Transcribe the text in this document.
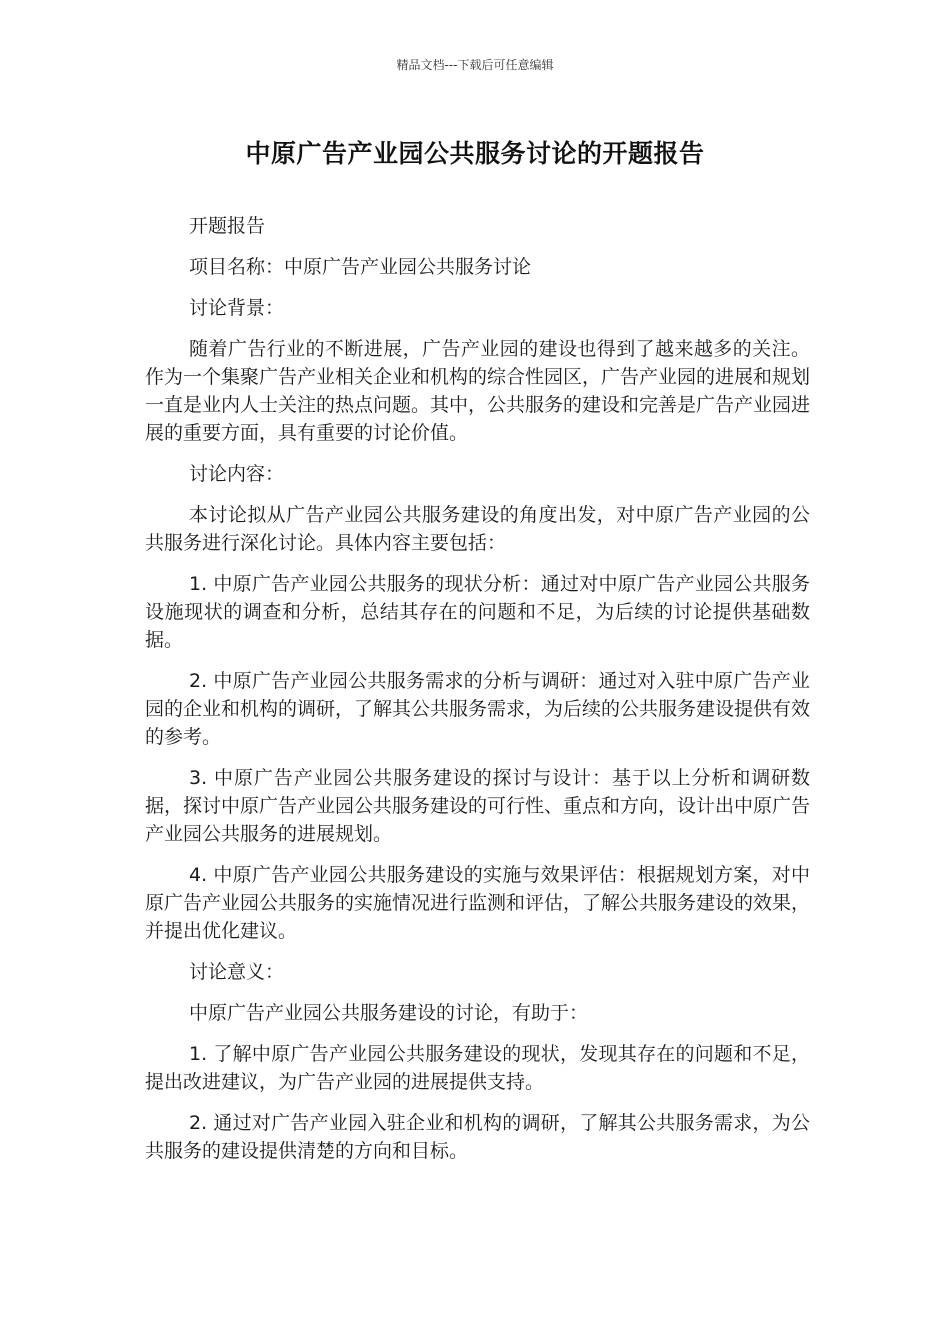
精品文档---下载后可任意编辑
中原广告产业园公共服务讨论的开题报告

开题报告

项目名称：中原广告产业园公共服务讨论

讨论背景：

随着广告行业的不断进展，广告产业园的建设也得到了越来越多的关注。作为一个集聚广告产业相关企业和机构的综合性园区，广告产业园的进展和规划一直是业内人士关注的热点问题。其中，公共服务的建设和完善是广告产业园进展的重要方面，具有重要的讨论价值。

讨论内容：

本讨论拟从广告产业园公共服务建设的角度出发，对中原广告产业园的公共服务进行深化讨论。具体内容主要包括：

1. 中原广告产业园公共服务的现状分析：通过对中原广告产业园公共服务设施现状的调查和分析，总结其存在的问题和不足，为后续的讨论提供基础数据。

2. 中原广告产业园公共服务需求的分析与调研：通过对入驻中原广告产业园的企业和机构的调研，了解其公共服务需求，为后续的公共服务建设提供有效的参考。

3. 中原广告产业园公共服务建设的探讨与设计：基于以上分析和调研数据，探讨中原广告产业园公共服务建设的可行性、重点和方向，设计出中原广告产业园公共服务的进展规划。

4. 中原广告产业园公共服务建设的实施与效果评估：根据规划方案，对中原广告产业园公共服务的实施情况进行监测和评估，了解公共服务建设的效果，并提出优化建议。

讨论意义：

中原广告产业园公共服务建设的讨论，有助于：

1. 了解中原广告产业园公共服务建设的现状，发现其存在的问题和不足，提出改进建议，为广告产业园的进展提供支持。

2. 通过对广告产业园入驻企业和机构的调研，了解其公共服务需求，为公共服务的建设提供清楚的方向和目标。
